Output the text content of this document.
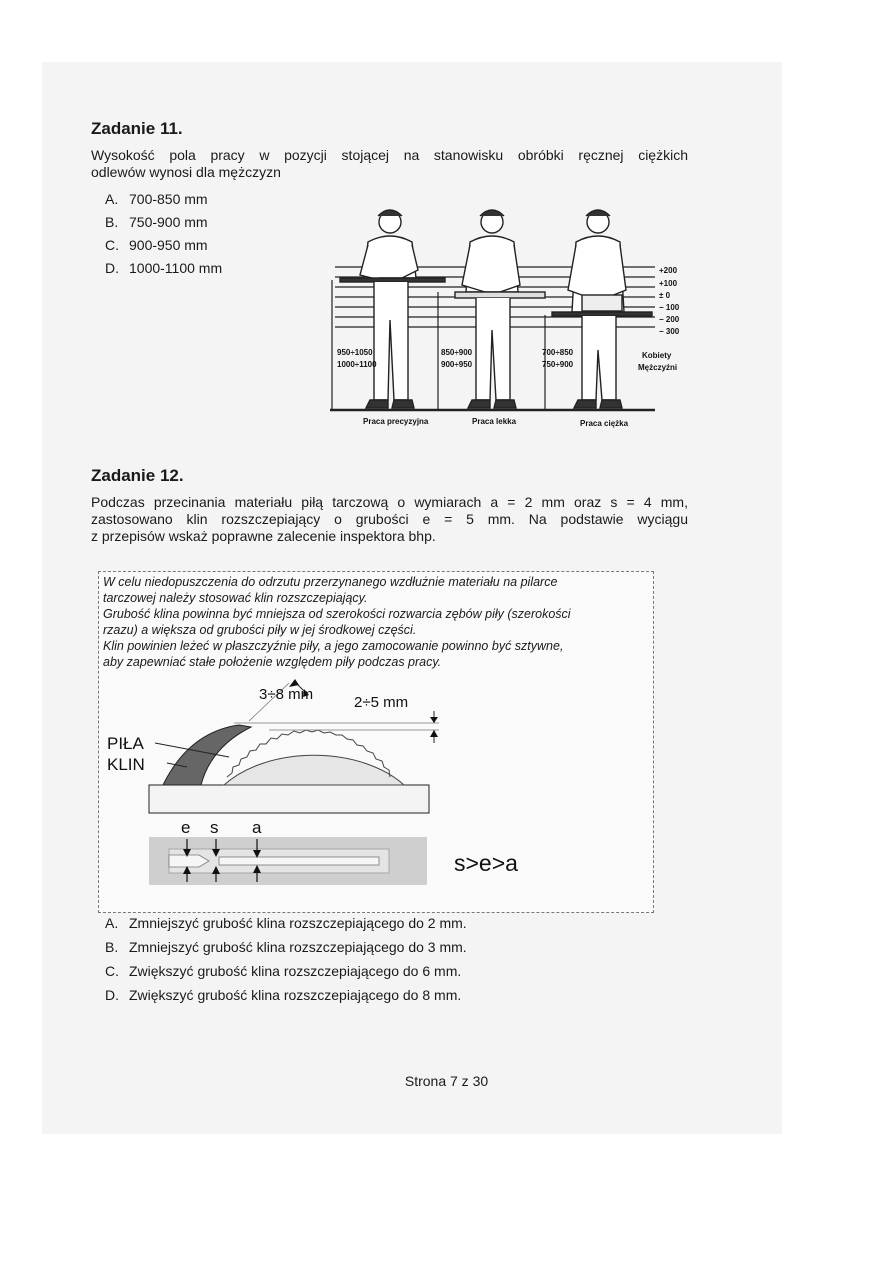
Zadanie 11.
Wysokość pola pracy w pozycji stojącej na stanowisku obróbki ręcznej ciężkich
odlewów wynosi dla mężczyzn
A. 700-850 mm
B. 750-900 mm
C. 900-950 mm
D. 1000-1100 mm	+200
+100
± 0
− 100
− 200
− 300
950÷1050
1000÷1100
850÷900
900÷950
700÷850
750÷900
Kobiety
Mężczyźni
Praca precyzyjna	Praca lekka	Praca ciężka
Zadanie 12.
Podczas przecinania materiału piłą tarczową o wymiarach a = 2 mm oraz s = 4 mm,
zastosowano klin rozszczepiający o grubości e = 5 mm. Na podstawie wyciągu
z przepisów wskaż poprawne zalecenie inspektora bhp.
W celu niedopuszczenia do odrzutu przerzynanego wzdłużnie materiału na pilarce
tarczowej należy stosować klin rozszczepiający.
Grubość klina powinna być mniejsza od szerokości rozwarcia zębów piły (szerokości
rzazu) a większa od grubości piły w jej środkowej części.
Klin powinien leżeć w płaszczyźnie piły, a jego zamocowanie powinno być sztywne,
aby zapewniać stałe położenie względem piły podczas pracy.
3÷8 mm	2÷5 mm
PIŁA
KLIN
e s a
s>e>a
A. Zmniejszyć grubość klina rozszczepiającego do 2 mm.
B. Zmniejszyć grubość klina rozszczepiającego do 3 mm.
C. Zwiększyć grubość klina rozszczepiającego do 6 mm.
D. Zwiększyć grubość klina rozszczepiającego do 8 mm.
Strona 7 z 30
